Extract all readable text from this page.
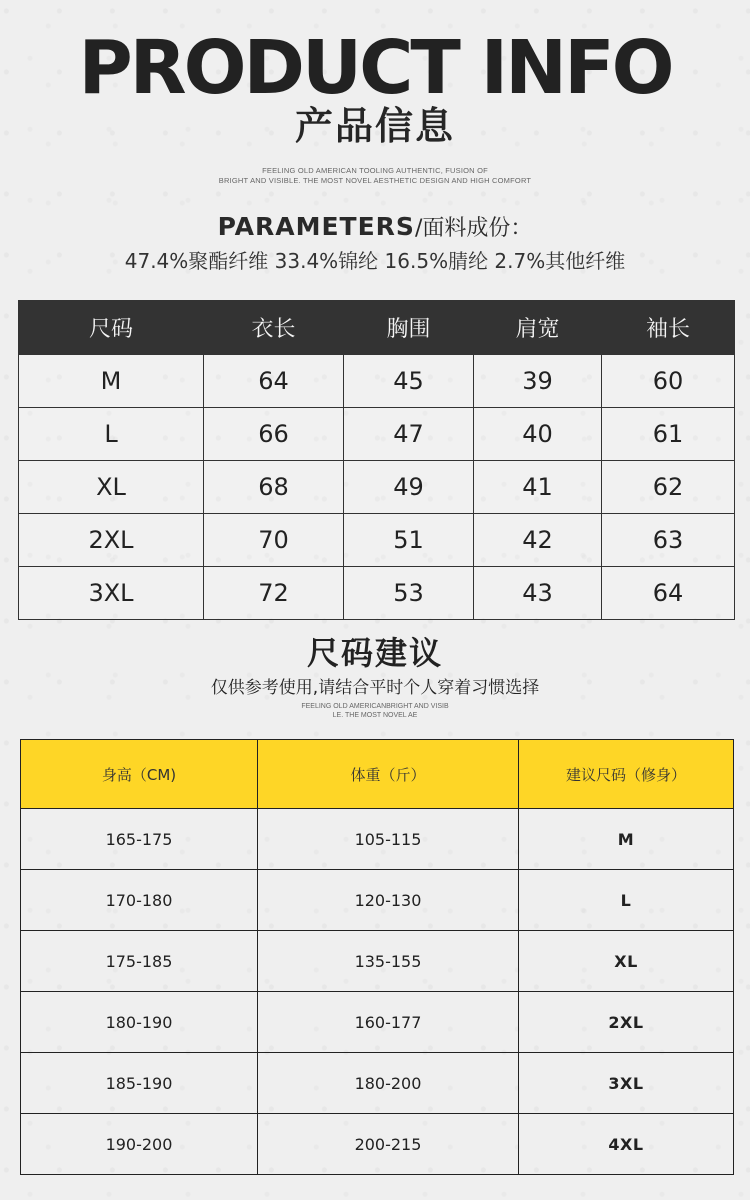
PRODUCT INFO
产品信息
FEELING OLD AMERICAN TOOLING AUTHENTIC, FUSION OF
BRIGHT AND VISIBLE. THE MOST NOVEL AESTHETIC DESIGN AND HIGH COMFORT
PARAMETERS/面料成份：
47.4%聚酯纤维 33.4%锦纶 16.5%腈纶 2.7%其他纤维
尺码	衣长	胸围	肩宽	袖长
M	64	45	39	60
L	66	47	40	61
XL	68	49	41	62
2XL	70	51	42	63
3XL	72	53	43	64
尺码建议
仅供参考使用,请结合平时个人穿着习惯选择
FEELING OLD AMERICANBRIGHT AND VISIB
LE. THE MOST NOVEL AE
身高（CM)	体重（斤）	建议尺码（修身）
165-175	105-115	M
170-180	120-130	L
175-185	135-155	XL
180-190	160-177	2XL
185-190	180-200	3XL
190-200	200-215	4XL
